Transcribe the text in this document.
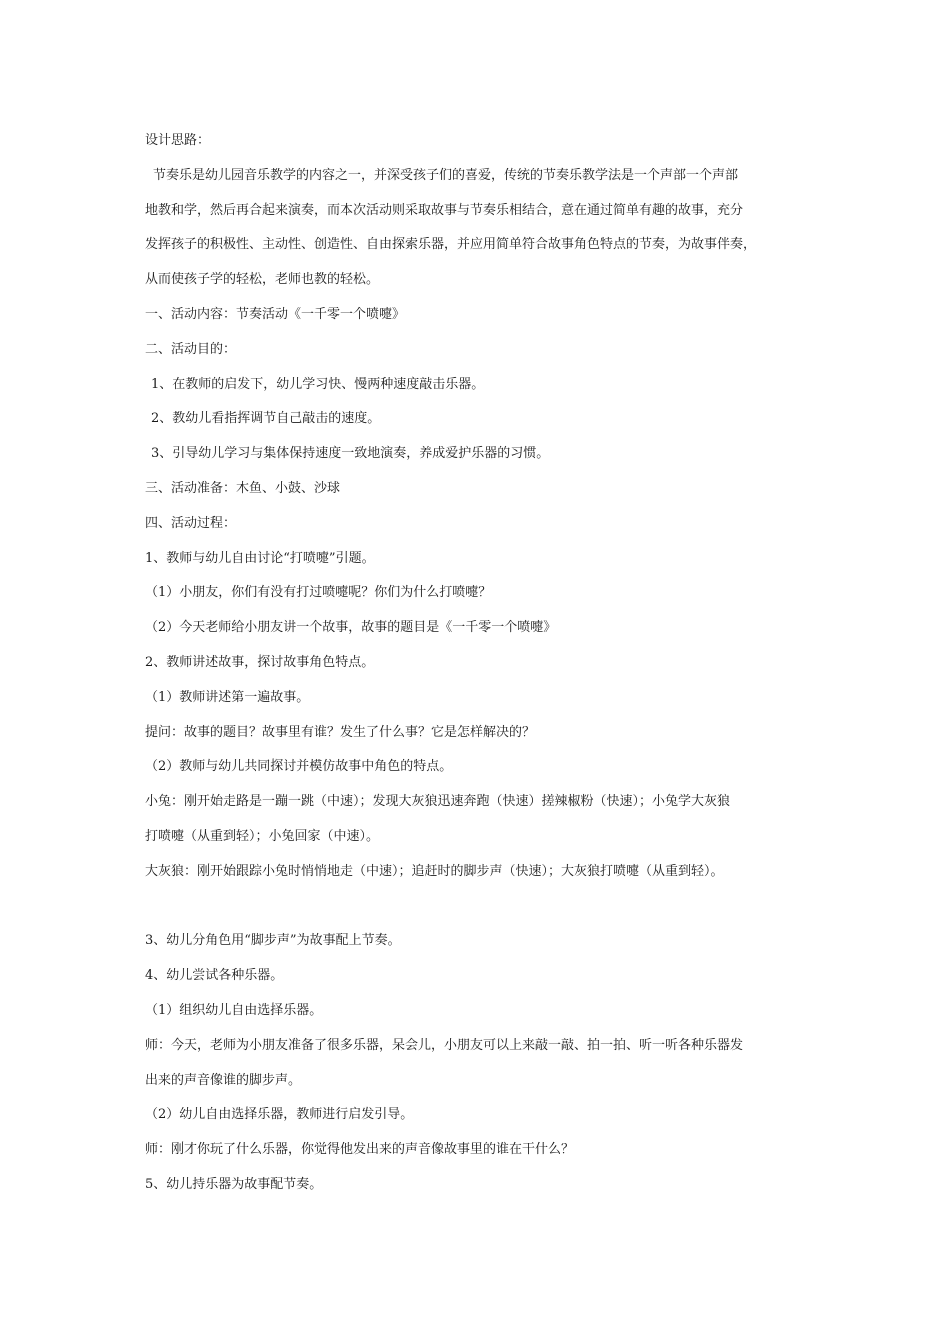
设计思路：

节奏乐是幼儿园音乐教学的内容之一，并深受孩子们的喜爱，传统的节奏乐教学法是一个声部一个声部

地教和学，然后再合起来演奏，而本次活动则采取故事与节奏乐相结合，意在通过简单有趣的故事，充分

发挥孩子的积极性、主动性、创造性、自由探索乐器，并应用简单符合故事角色特点的节奏，为故事伴奏，

从而使孩子学的轻松，老师也教的轻松。

一、活动内容：节奏活动《一千零一个喷嚏》

二、活动目的：

1、在教师的启发下，幼儿学习快、慢两种速度敲击乐器。

2、教幼儿看指挥调节自己敲击的速度。

3、引导幼儿学习与集体保持速度一致地演奏，养成爱护乐器的习惯。

三、活动准备：木鱼、小鼓、沙球

四、活动过程：

1、教师与幼儿自由讨论“打喷嚏”引题。

（1）小朋友，你们有没有打过喷嚏呢？你们为什么打喷嚏？

（2）今天老师给小朋友讲一个故事，故事的题目是《一千零一个喷嚏》

2、教师讲述故事，探讨故事角色特点。

（1）教师讲述第一遍故事。

提问：故事的题目？故事里有谁？发生了什么事？它是怎样解决的？

（2）教师与幼儿共同探讨并模仿故事中角色的特点。

小兔：刚开始走路是一蹦一跳（中速）；发现大灰狼迅速奔跑（快速）搓辣椒粉（快速）；小兔学大灰狼

打喷嚏（从重到轻）；小兔回家（中速）。

大灰狼：刚开始跟踪小兔时悄悄地走（中速）；追赶时的脚步声（快速）；大灰狼打喷嚏（从重到轻）。

3、幼儿分角色用“脚步声”为故事配上节奏。

4、幼儿尝试各种乐器。

（1）组织幼儿自由选择乐器。

师：今天，老师为小朋友准备了很多乐器，呆会儿，小朋友可以上来敲一敲、拍一拍、听一听各种乐器发

出来的声音像谁的脚步声。

（2）幼儿自由选择乐器，教师进行启发引导。

师：刚才你玩了什么乐器，你觉得他发出来的声音像故事里的谁在干什么？

5、幼儿持乐器为故事配节奏。
